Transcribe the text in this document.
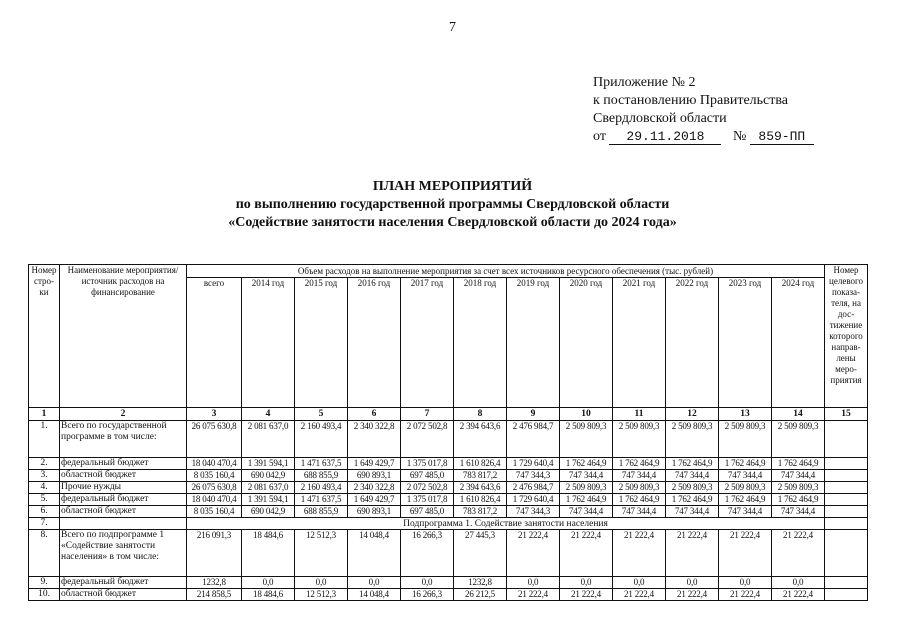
7
Приложение № 2
к постановлению Правительства
Свердловской области
от 29.11.2018 № 859-ПП
ПЛАН МЕРОПРИЯТИЙ
по выполнению государственной программы Свердловской области
«Содействие занятости населения Свердловской области до 2024 года»
Номер стро-ки	Наименование мероприятия/ источник расходов на финансирование	Объем расходов на выполнение мероприятия за счет всех источников ресурсного обеспечения (тыс. рублей)												Номер целевого показа-теля, на дос-тижение которого направ-лены меро-приятия
		всего	2014 год	2015 год	2016 год	2017 год	2018 год	2019 год	2020 год	2021 год	2022 год	2023 год	2024 год	
1	2	3	4	5	6	7	8	9	10	11	12	13	14	15
1.	Всего по государственной программе в том числе:	26 075 630,8	2 081 637,0	2 160 493,4	2 340 322,8	2 072 502,8	2 394 643,6	2 476 984,7	2 509 809,3	2 509 809,3	2 509 809,3	2 509 809,3	2 509 809,3	
2.	федеральный бюджет	18 040 470,4	1 391 594,1	1 471 637,5	1 649 429,7	1 375 017,8	1 610 826,4	1 729 640,4	1 762 464,9	1 762 464,9	1 762 464,9	1 762 464,9	1 762 464,9	
3.	областной бюджет	8 035 160,4	690 042,9	688 855,9	690 893,1	697 485,0	783 817,2	747 344,3	747 344,4	747 344,4	747 344,4	747 344,4	747 344,4	
4.	Прочие нужды	26 075 630,8	2 081 637,0	2 160 493,4	2 340 322,8	2 072 502,8	2 394 643,6	2 476 984,7	2 509 809,3	2 509 809,3	2 509 809,3	2 509 809,3	2 509 809,3	
5.	федеральный бюджет	18 040 470,4	1 391 594,1	1 471 637,5	1 649 429,7	1 375 017,8	1 610 826,4	1 729 640,4	1 762 464,9	1 762 464,9	1 762 464,9	1 762 464,9	1 762 464,9	
6.	областной бюджет	8 035 160,4	690 042,9	688 855,9	690 893,1	697 485,0	783 817,2	747 344,3	747 344,4	747 344,4	747 344,4	747 344,4	747 344,4	
7.		Подпрограмма 1. Содействие занятости населения												
8.	Всего по подпрограмме 1 «Содействие занятости населения» в том числе:	216 091,3	18 484,6	12 512,3	14 048,4	16 266,3	27 445,3	21 222,4	21 222,4	21 222,4	21 222,4	21 222,4	21 222,4	
9.	федеральный бюджет	1232,8	0,0	0,0	0,0	0,0	1232,8	0,0	0,0	0,0	0,0	0,0	0,0	
10.	областной бюджет	214 858,5	18 484,6	12 512,3	14 048,4	16 266,3	26 212,5	21 222,4	21 222,4	21 222,4	21 222,4	21 222,4	21 222,4	
